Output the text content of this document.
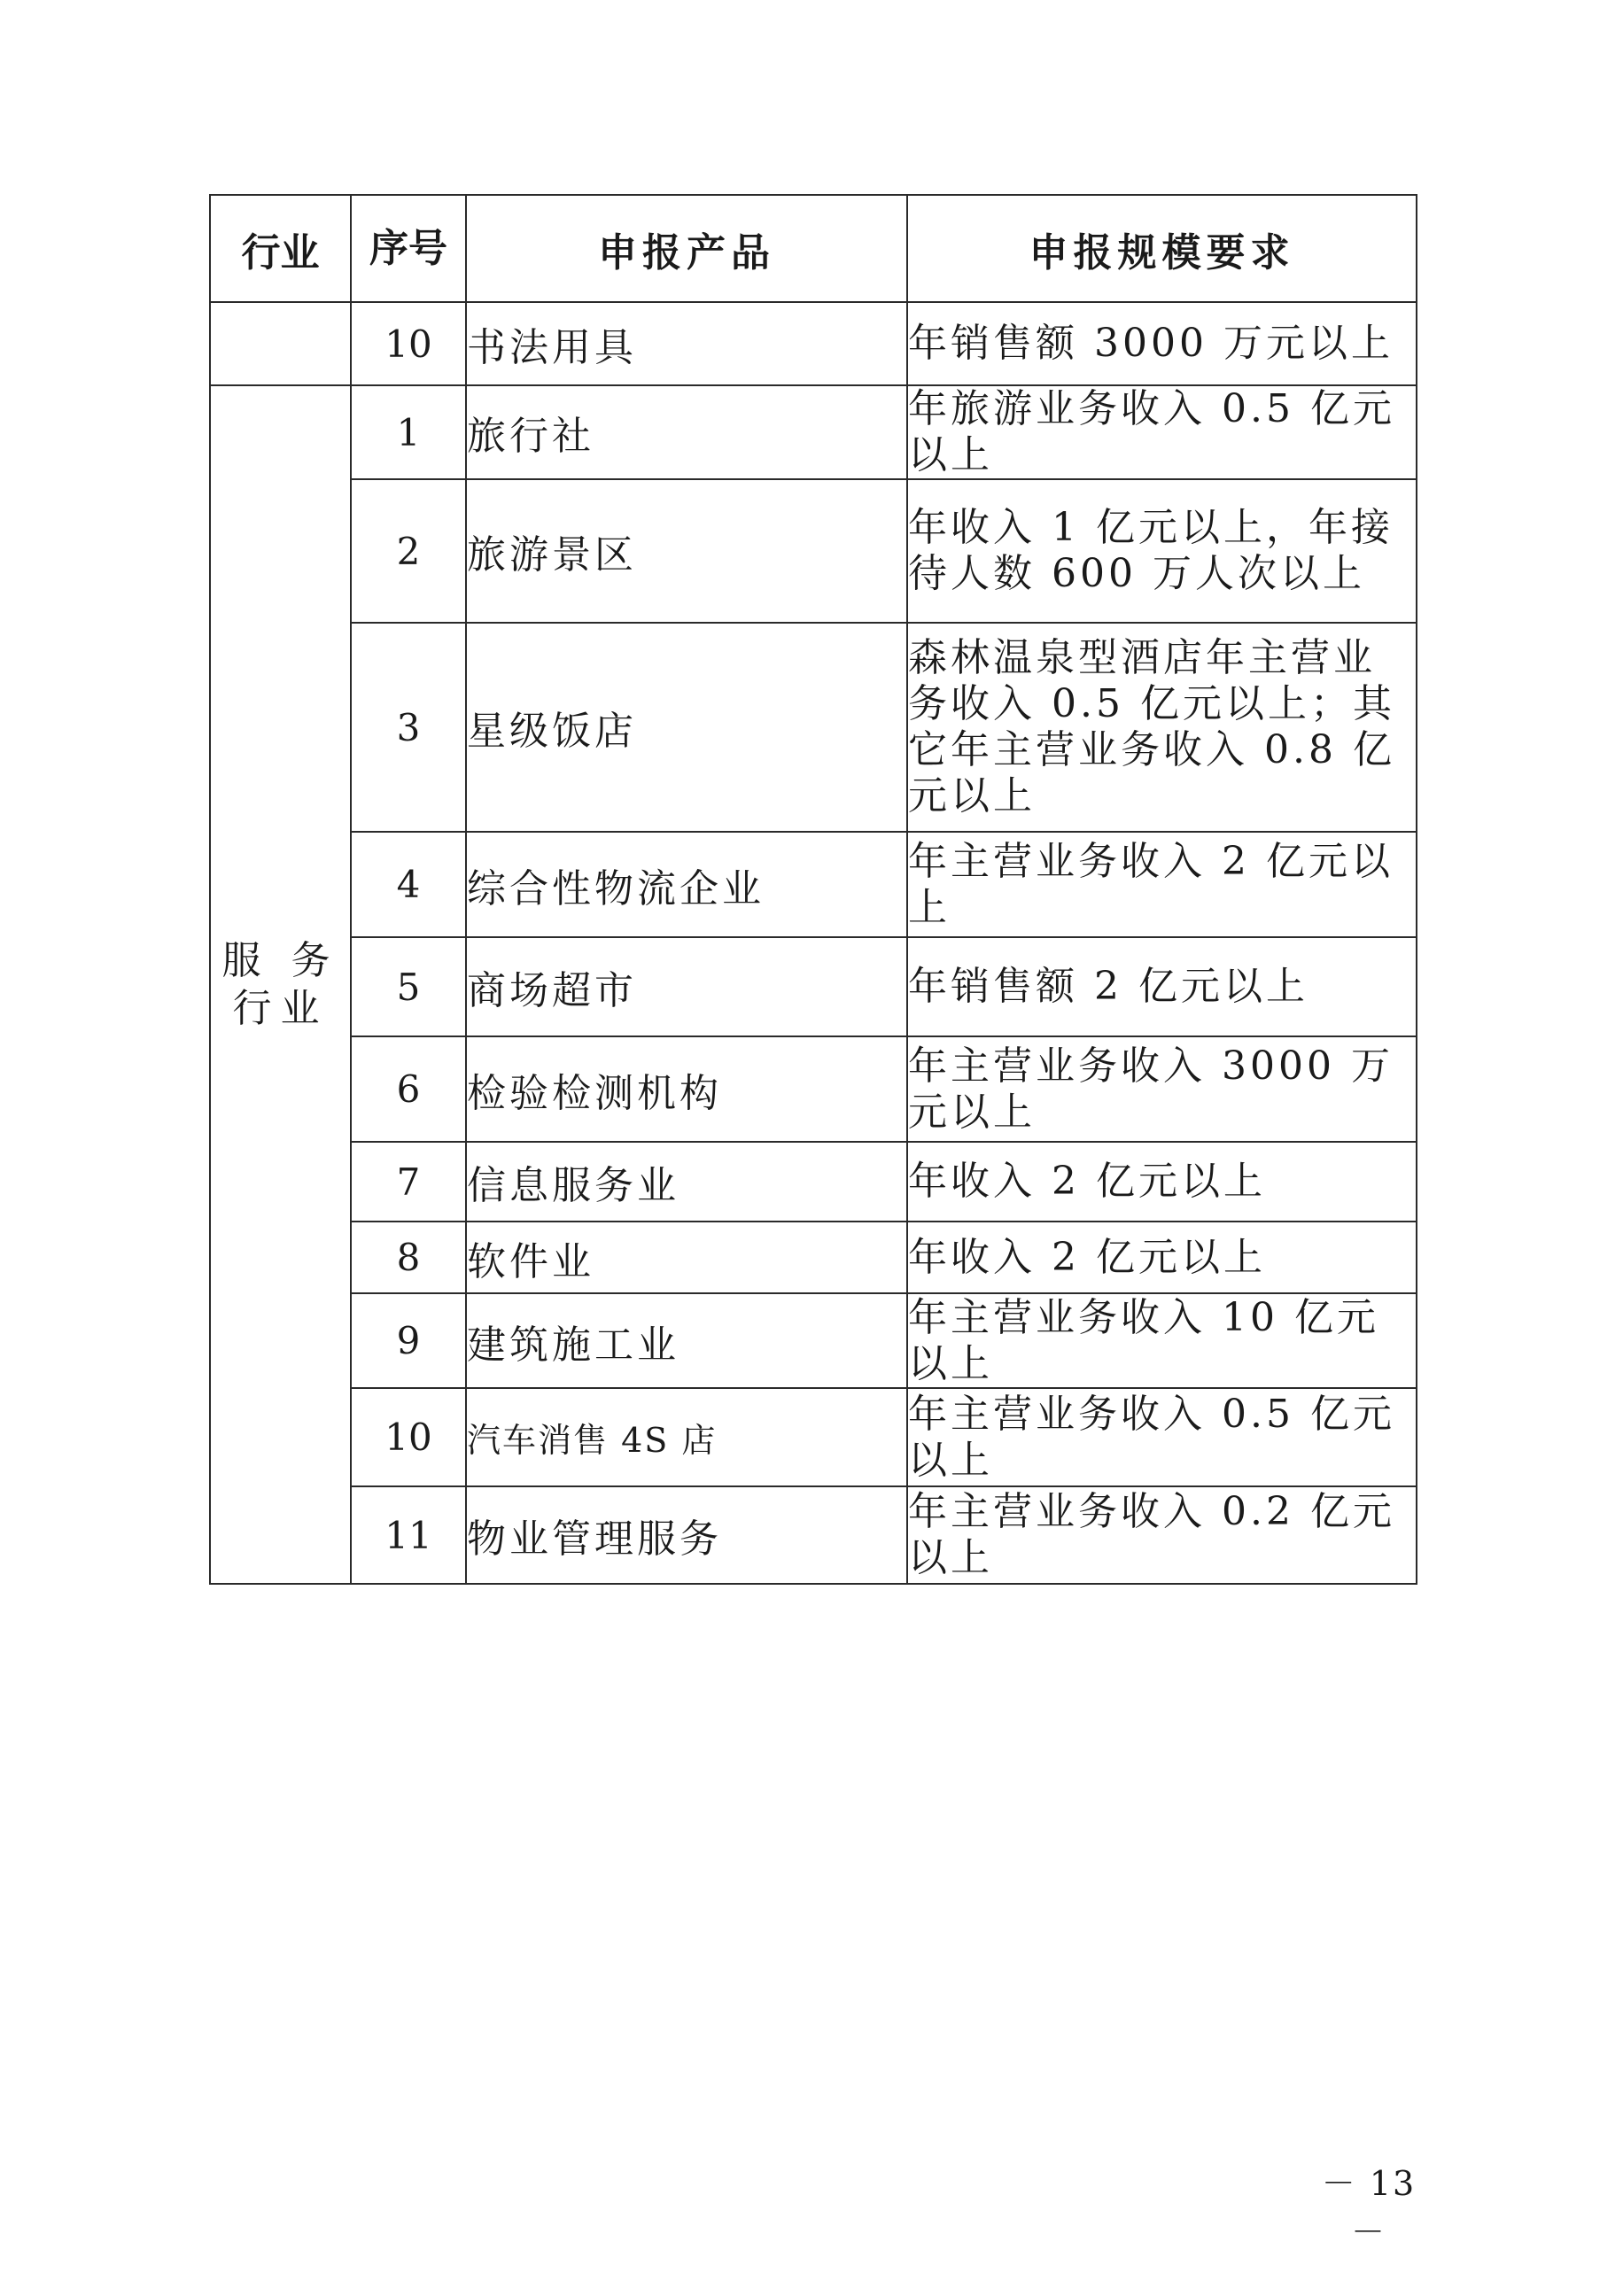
行业	序号	申报产品	申报规模要求
	10	书法用具	年销售额 3000 万元以上
服 务行业	1	旅行社	年旅游业务收入 0.5 亿元以上
	2	旅游景区	年收入 1 亿元以上，年接待人数 600 万人次以上
	3	星级饭店	森林温泉型酒店年主营业务收入 0.5 亿元以上；其它年主营业务收入 0.8 亿元以上
	4	综合性物流企业	年主营业务收入 2 亿元以上
	5	商场超市	年销售额 2 亿元以上
	6	检验检测机构	年主营业务收入 3000 万元以上
	7	信息服务业	年收入 2 亿元以上
	8	软件业	年收入 2 亿元以上
	9	建筑施工业	年主营业务收入 10 亿元以上
	10	汽车消售 4S 店	年主营业务收入 0.5 亿元以上
	11	物业管理服务	年主营业务收入 0.2 亿元以上
－ 13 －
